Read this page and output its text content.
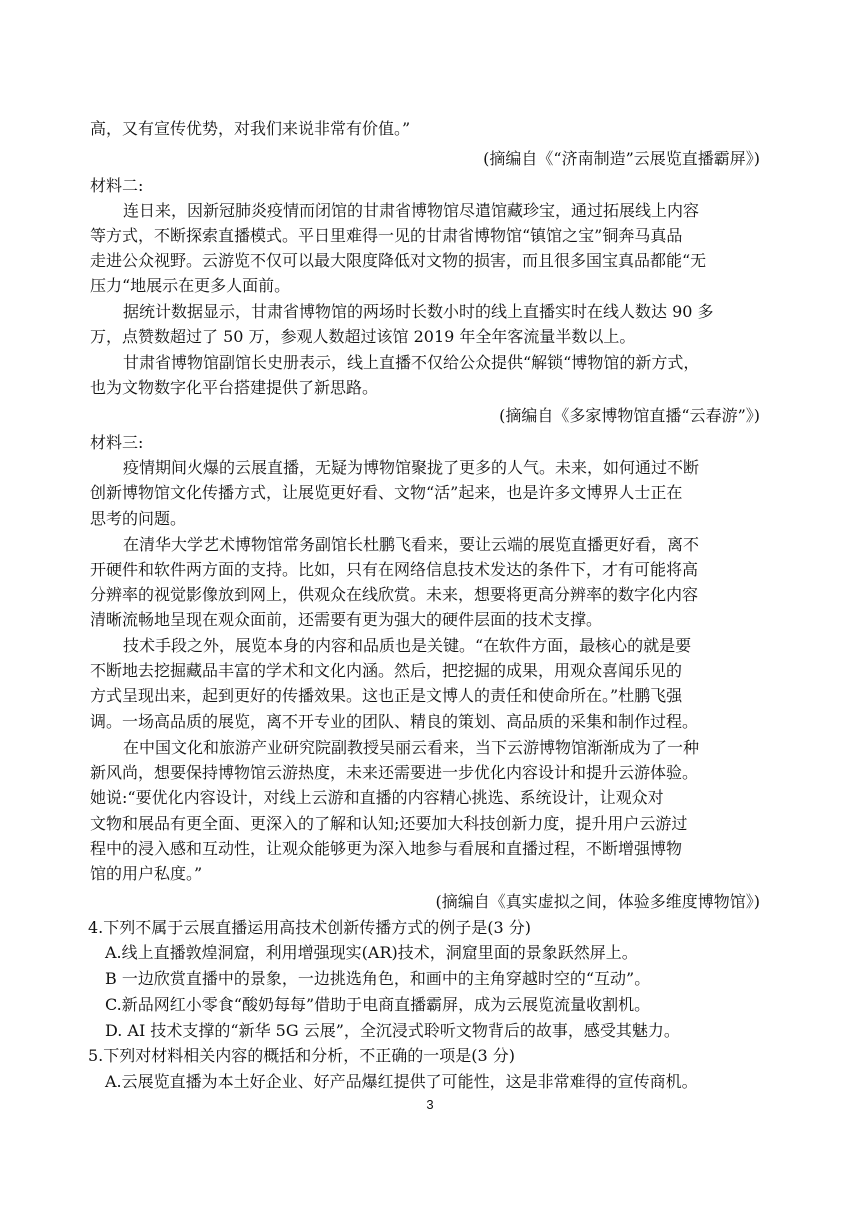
高，又有宣传优势，对我们来说非常有价值。”
(摘编自《“济南制造”云展览直播霸屏》)
材料二:
连日来，因新冠肺炎疫情而闭馆的甘肃省博物馆尽遣馆藏珍宝，通过拓展线上内容
等方式，不断探索直播模式。平日里难得一见的甘肃省博物馆“镇馆之宝”铜奔马真品
走进公众视野。云游览不仅可以最大限度降低对文物的损害，而且很多国宝真品都能“无
压力“地展示在更多人面前。
据统计数据显示，甘肃省博物馆的两场时长数小时的线上直播实时在线人数达 90 多
万，点赞数超过了 50 万，参观人数超过该馆 2019 年全年客流量半数以上。
甘肃省博物馆副馆长史册表示，线上直播不仅给公众提供“解锁“博物馆的新方式，
也为文物数字化平台搭建提供了新思路。
(摘编自《多家博物馆直播“云春游”》)
材料三:
疫情期间火爆的云展直播，无疑为博物馆聚拢了更多的人气。未来，如何通过不断
创新博物馆文化传播方式，让展览更好看、文物“活”起来，也是许多文博界人士正在
思考的问题。
在清华大学艺术博物馆常务副馆长杜鹏飞看来，要让云端的展览直播更好看，离不
开硬件和软件两方面的支持。比如，只有在网络信息技术发达的条件下，才有可能将高
分辨率的视觉影像放到网上，供观众在线欣赏。未来，想要将更高分辨率的数字化内容
清晰流畅地呈现在观众面前，还需要有更为强大的硬件层面的技术支撑。
技术手段之外，展览本身的内容和品质也是关键。“在软件方面，最核心的就是要
不断地去挖掘藏品丰富的学术和文化内涵。然后，把挖掘的成果，用观众喜闻乐见的
方式呈现出来，起到更好的传播效果。这也正是文博人的责任和使命所在。”杜鹏飞强
调。一场高品质的展览，离不开专业的团队、精良的策划、高品质的采集和制作过程。
在中国文化和旅游产业研究院副教授吴丽云看来，当下云游博物馆渐渐成为了一种
新风尚，想要保持博物馆云游热度，未来还需要进一步优化内容设计和提升云游体验。
她说:“要优化内容设计，对线上云游和直播的内容精心挑选、系统设计，让观众对
文物和展品有更全面、更深入的了解和认知;还要加大科技创新力度，提升用户云游过
程中的浸入感和互动性，让观众能够更为深入地参与看展和直播过程，不断增强博物
馆的用户私度。”
(摘编自《真实虚拟之间，体验多维度博物馆》)
4.下列不属于云展直播运用高技术创新传播方式的例子是(3 分)
A.线上直播敦煌洞窟，利用增强现实(AR)技术，洞窟里面的景象跃然屏上。
B 一边欣赏直播中的景象，一边挑选角色，和画中的主角穿越时空的“互动”。
C.新品网红小零食“酸奶每每”借助于电商直播霸屏，成为云展览流量收割机。
D. AI 技术支撑的“新华 5G 云展”，全沉浸式聆听文物背后的故事，感受其魅力。
5.下列对材料相关内容的概括和分析，不正确的一项是(3 分)
A.云展览直播为本土好企业、好产品爆红提供了可能性，这是非常难得的宣传商机。
3
